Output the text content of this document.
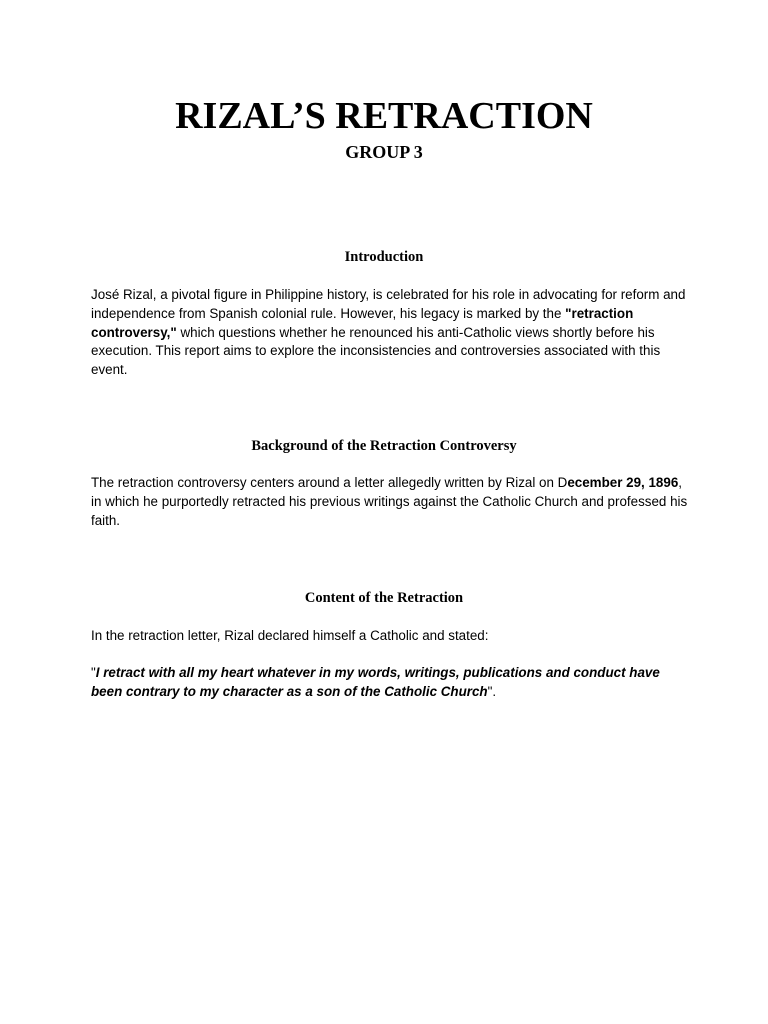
RIZAL’S RETRACTION
GROUP 3
Introduction

José Rizal, a pivotal figure in Philippine history, is celebrated for his role in advocating for reform and independence from Spanish colonial rule. However, his legacy is marked by the "retraction controversy," which questions whether he renounced his anti-Catholic views shortly before his execution. This report aims to explore the inconsistencies and controversies associated with this event.

Background of the Retraction Controversy

The retraction controversy centers around a letter allegedly written by Rizal on December 29, 1896, in which he purportedly retracted his previous writings against the Catholic Church and professed his faith.

Content of the Retraction

In the retraction letter, Rizal declared himself a Catholic and stated:

"I retract with all my heart whatever in my words, writings, publications and conduct have been contrary to my character as a son of the Catholic Church".
